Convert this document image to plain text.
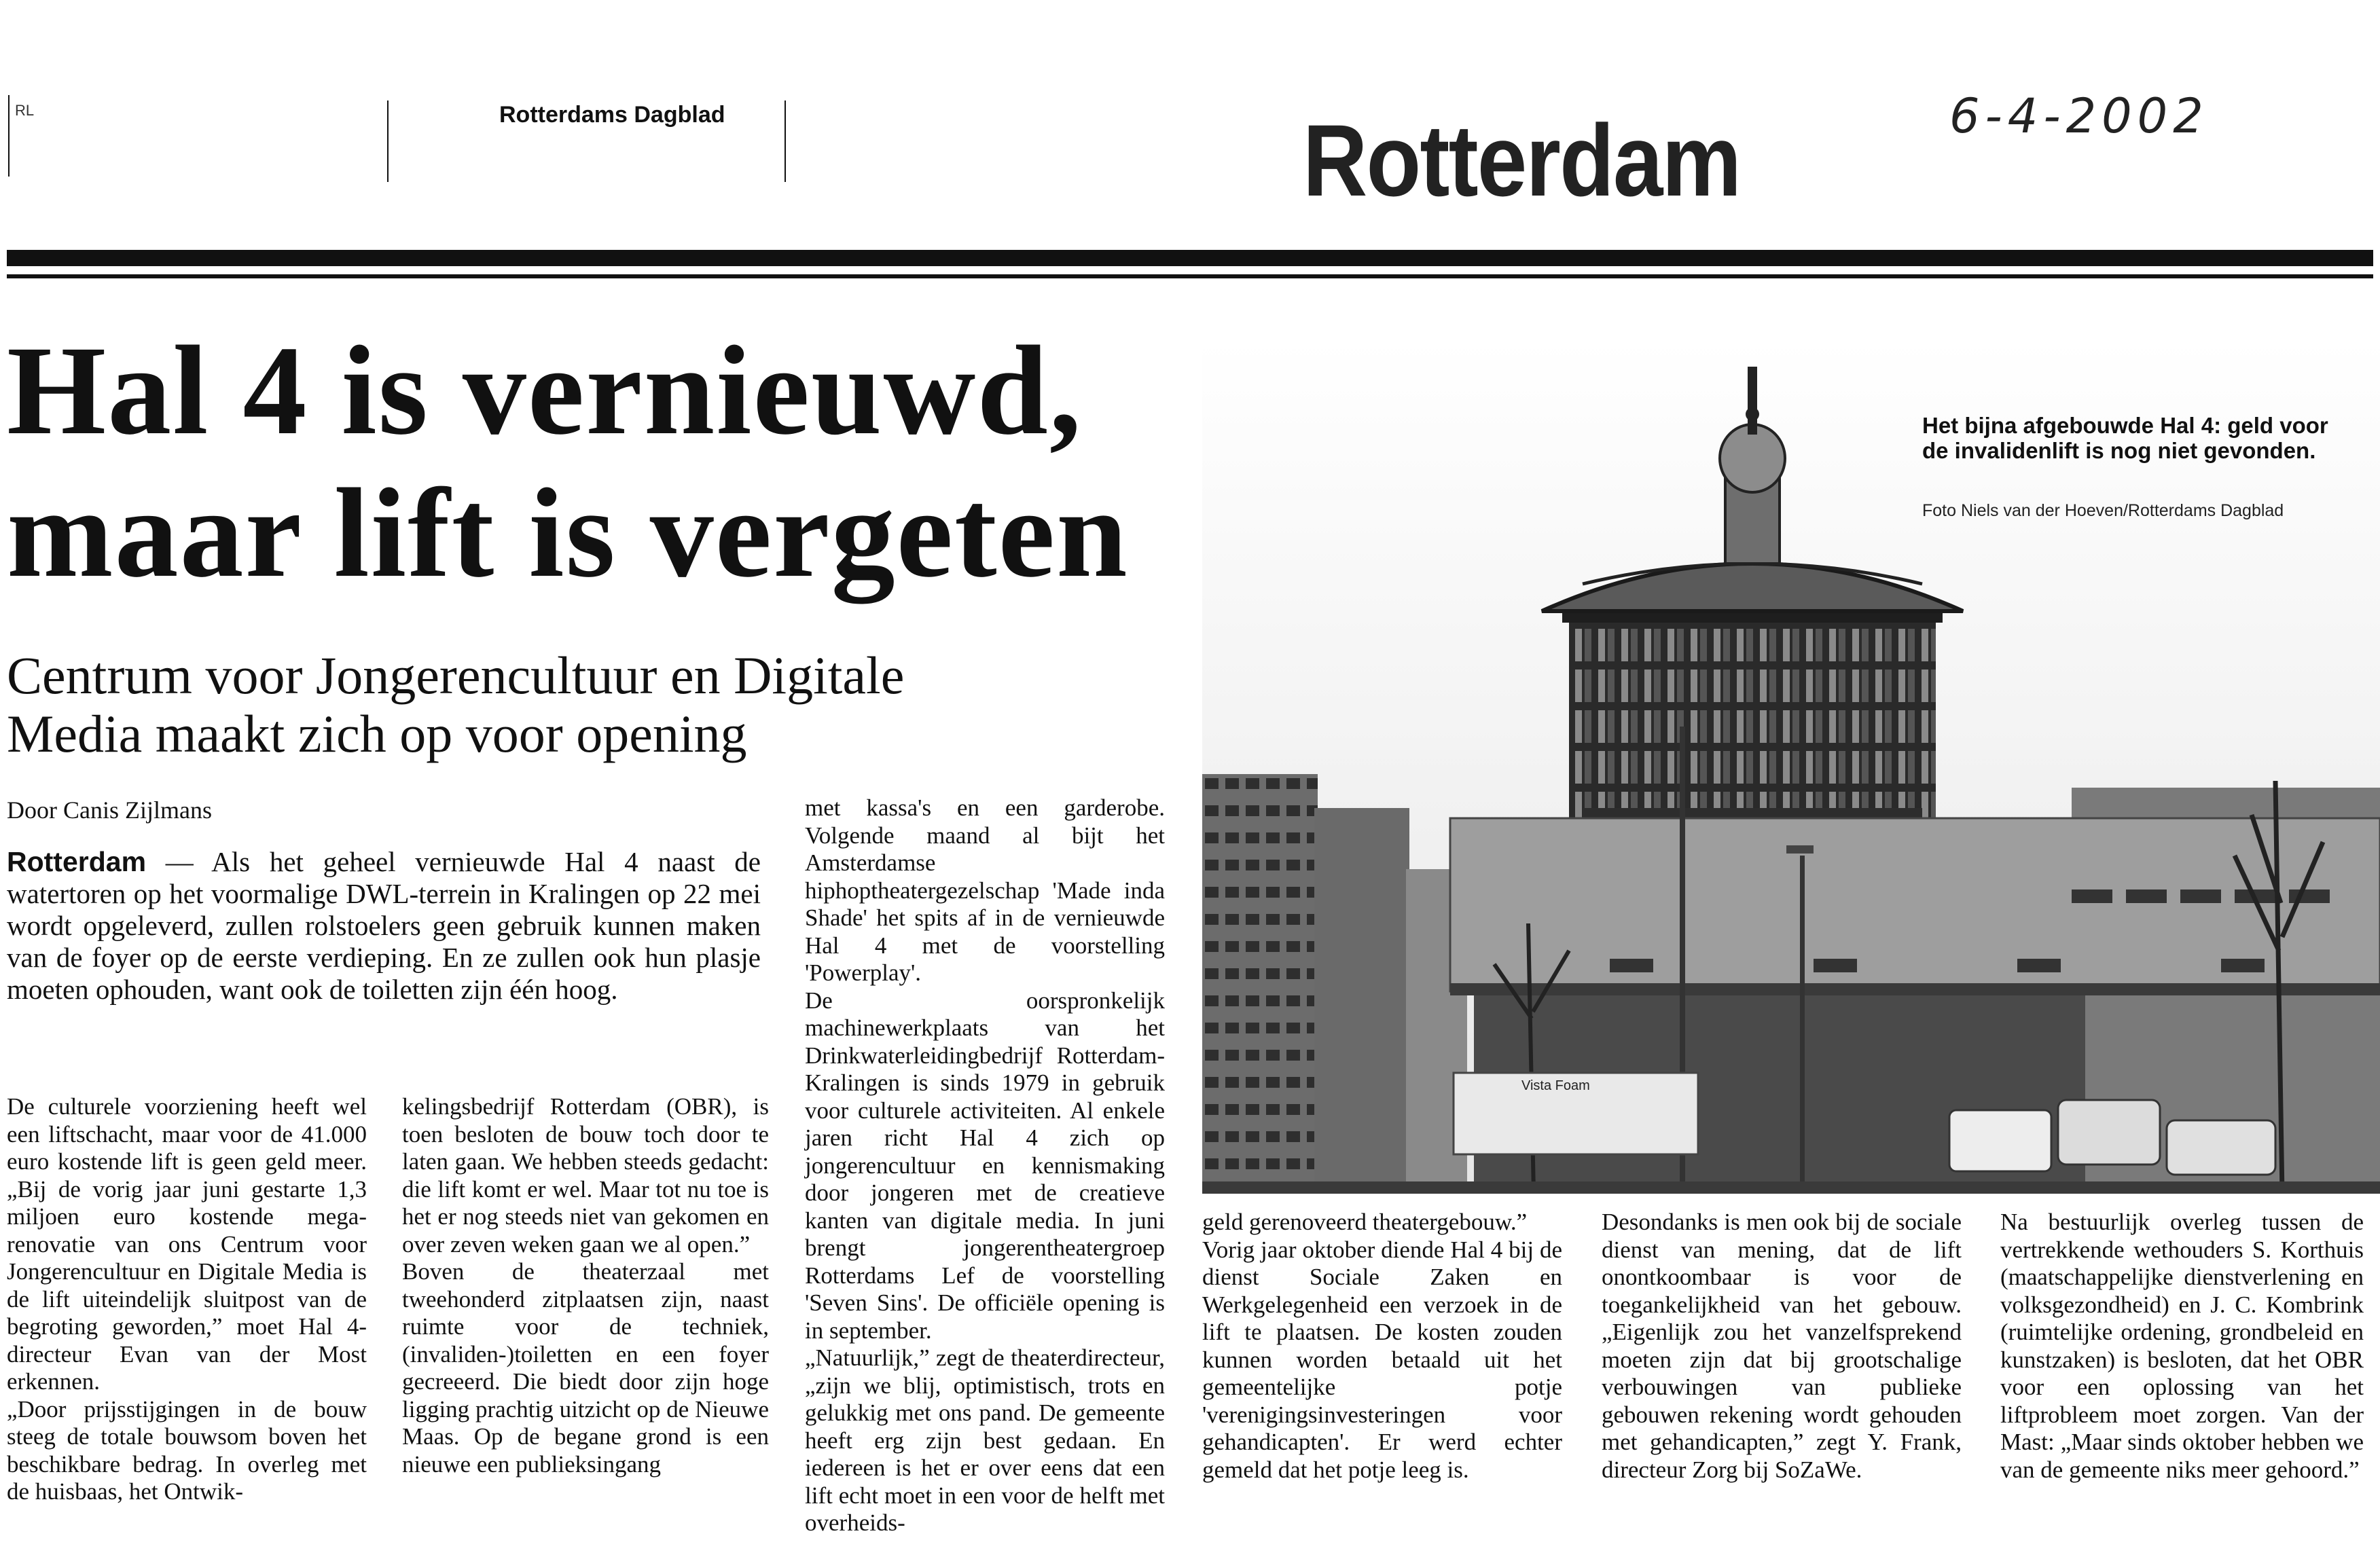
RL	Rotterdams Dagblad	Rotterdam	6-4-2002
Hal 4 is vernieuwd,
maar lift is vergeten
Centrum voor Jongerencultuur en Digitale
Media maakt zich op voor opening
Door Canis Zijlmans
Rotterdam — Als het geheel vernieuwde Hal 4 naast de watertoren op het voormalige DWL-terrein in Kralingen op 22 mei wordt opgeleverd, zullen rolstoelers geen gebruik kunnen maken van de foyer op de eerste verdieping. En ze zullen ook hun plasje moeten ophouden, want ook de toiletten zijn één hoog.
De culturele voorziening heeft wel een liftschacht, maar voor de 41.000 euro kostende lift is geen geld meer. „Bij de vorig jaar juni gestarte 1,3 miljoen euro kostende mega-renovatie van ons Centrum voor Jongerencultuur en Digitale Media is de lift uiteindelijk sluitpost van de begroting geworden,” moet Hal 4-directeur Evan van der Most erkennen.
„Door prijsstijgingen in de bouw steeg de totale bouwsom boven het beschikbare bedrag. In overleg met de huisbaas, het Ontwik-
kelingsbedrijf Rotterdam (OBR), is toen besloten de bouw toch door te laten gaan. We hebben steeds gedacht: die lift komt er wel. Maar tot nu toe is het er nog steeds niet van gekomen en over zeven weken gaan we al open.”
Boven de theaterzaal met tweehonderd zitplaatsen zijn, naast ruimte voor de techniek, (invaliden-)toiletten en een foyer gecreeerd. Die biedt door zijn hoge ligging prachtig uitzicht op de Nieuwe Maas. Op de begane grond is een nieuwe een publieksingang
met kassa's en een garderobe. Volgende maand al bijt het Amsterdamse hiphoptheatergezelschap 'Made inda Shade' het spits af in de vernieuwde Hal 4 met de voorstelling 'Powerplay'.
De oorspronkelijk machinewerkplaats van het Drinkwaterleidingbedrijf Rotterdam-Kralingen is sinds 1979 in gebruik voor culturele activiteiten. Al enkele jaren richt Hal 4 zich op jongerencultuur en kennismaking door jongeren met de creatieve kanten van digitale media. In juni brengt jongerentheatergroep Rotterdams Lef de voorstelling 'Seven Sins'. De officiële opening is in september.
„Natuurlijk,” zegt de theaterdirecteur, „zijn we blij, optimistisch, trots en gelukkig met ons pand. De gemeente heeft erg zijn best gedaan. En iedereen is het er over eens dat een lift echt moet in een voor de helft met overheids-
geld gerenoveerd theatergebouw.”
Vorig jaar oktober diende Hal 4 bij de dienst Sociale Zaken en Werkgelegenheid een verzoek in de lift te plaatsen. De kosten zouden kunnen worden betaald uit het gemeentelijke potje 'verenigingsinvesteringen voor gehandicapten'. Er werd echter gemeld dat het potje leeg is.
Desondanks is men ook bij de sociale dienst van mening, dat de lift onontkoombaar is voor de toegankelijkheid van het gebouw. „Eigenlijk zou het vanzelfsprekend moeten zijn dat bij grootschalige verbouwingen van publieke gebouwen rekening wordt gehouden met gehandicapten,” zegt Y. Frank, directeur Zorg bij SoZaWe.
Na bestuurlijk overleg tussen de vertrekkende wethouders S. Korthuis (maatschappelijke dienstverlening en volksgezondheid) en J. C. Kombrink (ruimtelijke ordening, grondbeleid en kunstzaken) is besloten, dat het OBR voor een oplossing van het liftprobleem moet zorgen. Van der Mast: „Maar sinds oktober hebben we van de gemeente niks meer gehoord.”
Vista Foam
Het bijna afgebouwde Hal 4: geld voor de invalidenlift is nog niet gevonden.
Foto Niels van der Hoeven/Rotterdams Dagblad
